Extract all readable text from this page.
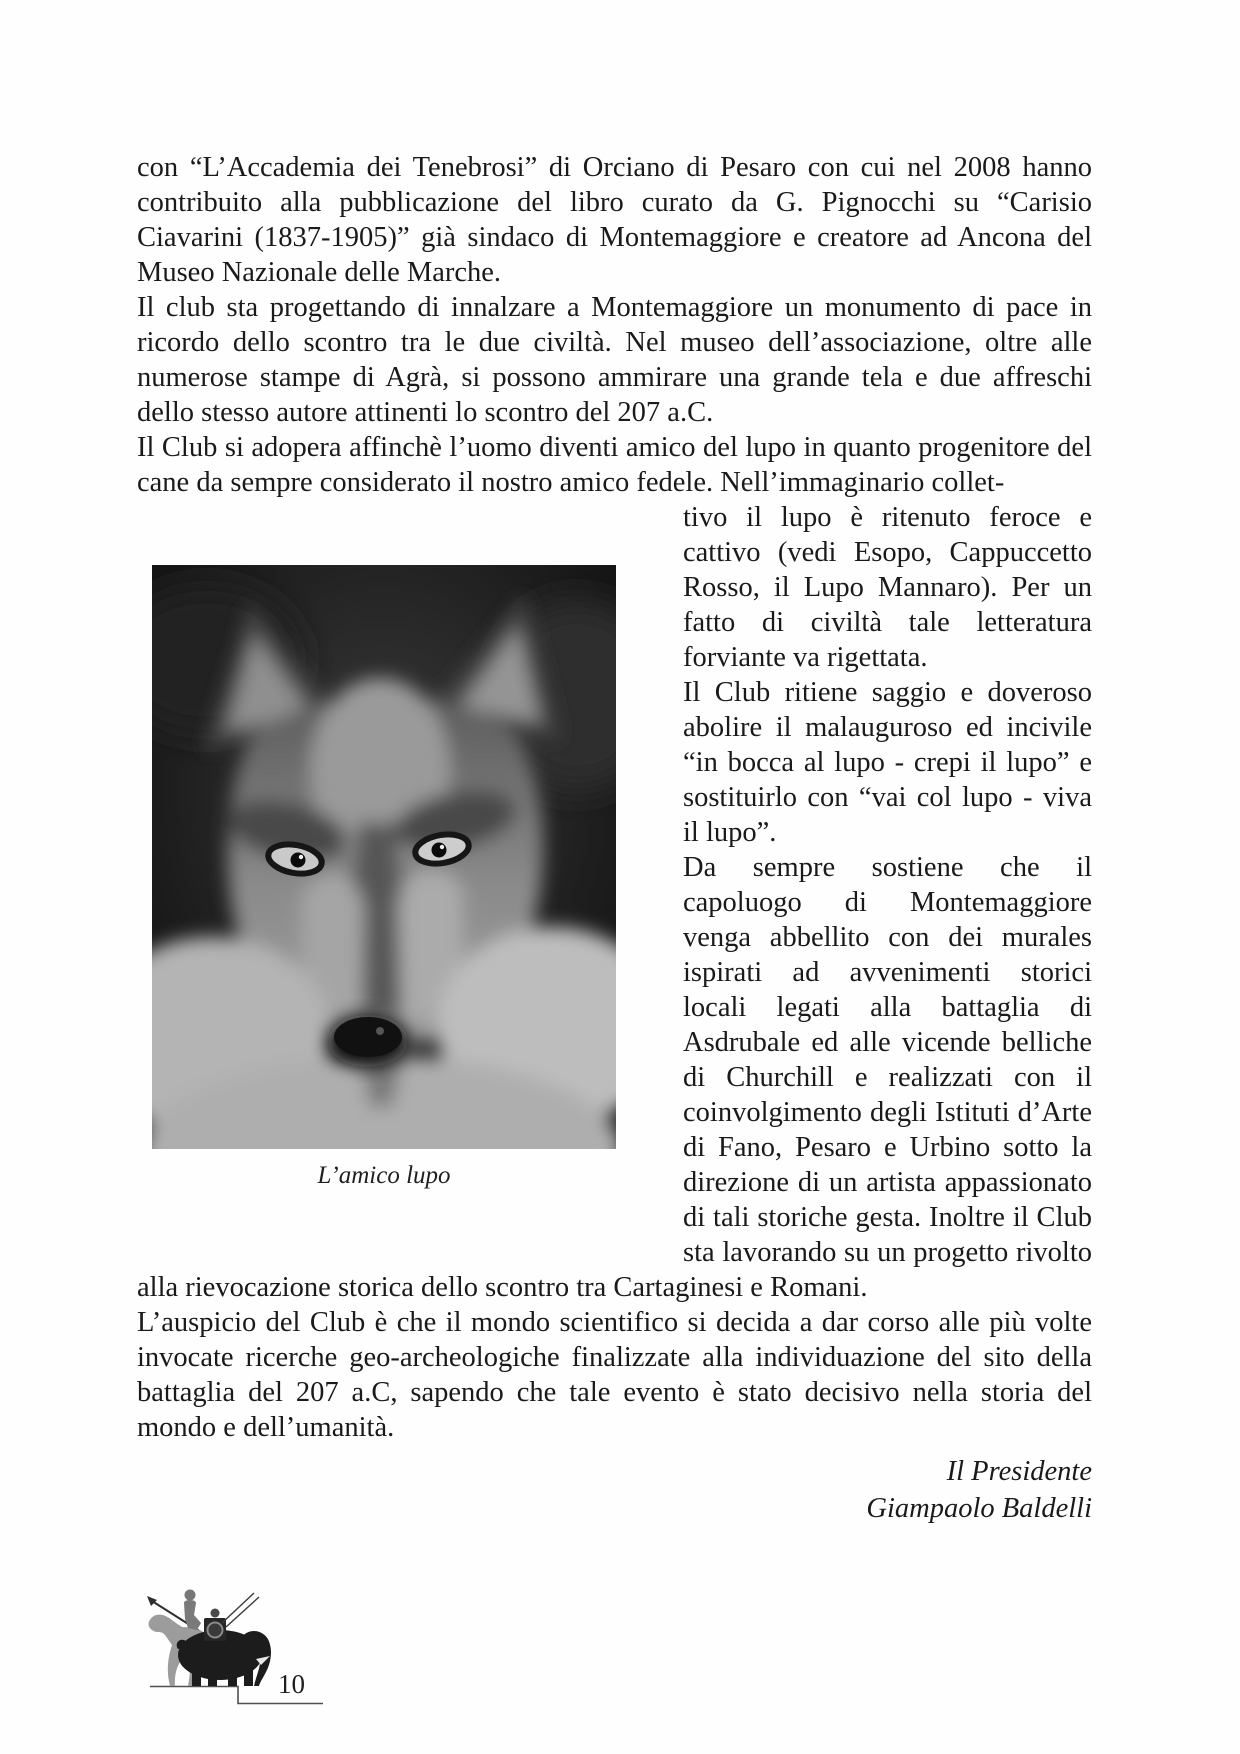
con “L’Accademia dei Tenebrosi” di Orciano di Pesaro con cui nel 2008 hanno contribuito alla pubblicazione del libro curato da G. Pignocchi su “Carisio Ciavarini (1837-1905)” già sindaco di Montemaggiore e creatore ad Ancona del Museo Nazionale delle Marche.

Il club sta progettando di innalzare a Montemaggiore un monumento di pace in ricordo dello scontro tra le due civiltà. Nel museo dell’associazione, oltre alle numerose stampe di Agrà, si possono ammirare una grande tela e due affreschi dello stesso autore attinenti lo scontro del 207 a.C.

Il Club si adopera affinchè l’uomo diventi amico del lupo in quanto progenitore del cane da sempre considerato il nostro amico fedele. Nell’immaginario collet-

L’amico lupo

tivo il lupo è ritenuto feroce e cattivo (vedi Esopo, Cappuccetto Rosso, il Lupo Mannaro). Per un fatto di civiltà tale letteratura forviante va rigettata.

Il Club ritiene saggio e doveroso abolire il malauguroso ed incivile “in bocca al lupo - crepi il lupo” e sostituirlo con “vai col lupo - viva il lupo”.

Da sempre sostiene che il capoluogo di Montemaggiore venga abbellito con dei murales ispirati ad avvenimenti storici locali legati alla battaglia di Asdrubale ed alle vicende belliche di Churchill e realizzati con il coinvolgimento degli Istituti d’Arte di Fano, Pesaro e Urbino sotto la direzione di un artista appassionato di tali storiche gesta. Inoltre il Club sta lavorando su un progetto rivolto alla rievocazione storica dello scontro tra Cartaginesi e Romani.

L’auspicio del Club è che il mondo scientifico si decida a dar corso alle più volte invocate ricerche geo-archeologiche finalizzate alla individuazione del sito della battaglia del 207 a.C, sapendo che tale evento è stato decisivo nella storia del mondo e dell’umanità.

Il Presidente
Giampaolo Baldelli
10
